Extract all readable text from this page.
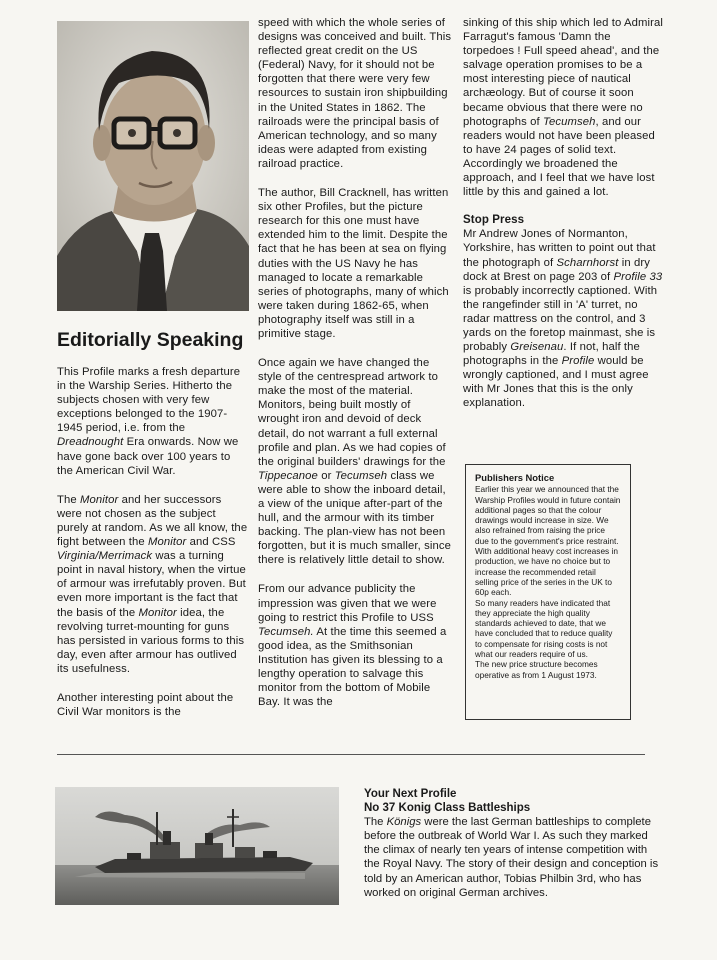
Editorially Speaking

This Profile marks a fresh departure in the Warship Series. Hitherto the subjects chosen with very few exceptions belonged to the 1907-1945 period, i.e. from the Dreadnought Era onwards. Now we have gone back over 100 years to the American Civil War.

The Monitor and her successors were not chosen as the subject purely at random. As we all know, the fight between the Monitor and CSS Virginia/Merrimack was a turning point in naval history, when the virtue of armour was irrefutably proven. But even more important is the fact that the basis of the Monitor idea, the revolving turret-mounting for guns has persisted in various forms to this day, even after armour has outlived its usefulness.

Another interesting point about the Civil War monitors is the

speed with which the whole series of designs was conceived and built. This reflected great credit on the US (Federal) Navy, for it should not be forgotten that there were very few resources to sustain iron shipbuilding in the United States in 1862. The railroads were the principal basis of American technology, and so many ideas were adapted from existing railroad practice.

The author, Bill Cracknell, has written six other Profiles, but the picture research for this one must have extended him to the limit. Despite the fact that he has been at sea on flying duties with the US Navy he has managed to locate a remarkable series of photographs, many of which were taken during 1862-65, when photography itself was still in a primitive stage.

Once again we have changed the style of the centrespread artwork to make the most of the material. Monitors, being built mostly of wrought iron and devoid of deck detail, do not warrant a full external profile and plan. As we had copies of the original builders' drawings for the Tippecanoe or Tecumseh class we were able to show the inboard detail, a view of the unique after-part of the hull, and the armour with its timber backing. The plan-view has not been forgotten, but it is much smaller, since there is relatively little detail to show.

From our advance publicity the impression was given that we were going to restrict this Profile to USS Tecumseh. At the time this seemed a good idea, as the Smithsonian Institution has given its blessing to a lengthy operation to salvage this monitor from the bottom of Mobile Bay. It was the

sinking of this ship which led to Admiral Farragut's famous 'Damn the torpedoes ! Full speed ahead', and the salvage operation promises to be a most interesting piece of nautical archæology. But of course it soon became obvious that there were no photographs of Tecumseh, and our readers would not have been pleased to have 24 pages of solid text. Accordingly we broadened the approach, and I feel that we have lost little by this and gained a lot.

Stop Press

Mr Andrew Jones of Normanton, Yorkshire, has written to point out that the photograph of Scharnhorst in dry dock at Brest on page 203 of Profile 33 is probably incorrectly captioned. With the rangefinder still in 'A' turret, no radar mattress on the control, and 3 yards on the foretop mainmast, she is probably Greisenau. If not, half the photographs in the Profile would be wrongly captioned, and I must agree with Mr Jones that this is the only explanation.

Publishers Notice

Earlier this year we announced that the Warship Profiles would in future contain additional pages so that the colour drawings would increase in size. We also refrained from raising the price due to the government's price restraint.

With additional heavy cost increases in production, we have no choice but to increase the recommended retail selling price of the series in the UK to 60p each.

So many readers have indicated that they appreciate the high quality standards achieved to date, that we have concluded that to reduce quality to compensate for rising costs is not what our readers require of us.

The new price structure becomes operative as from 1 August 1973.

Your Next Profile
No 37 Konig Class Battleships

The Königs were the last German battleships to complete before the outbreak of World War I. As such they marked the climax of nearly ten years of intense competition with the Royal Navy. The story of their design and conception is told by an American author, Tobias Philbin 3rd, who has worked on original German archives.
